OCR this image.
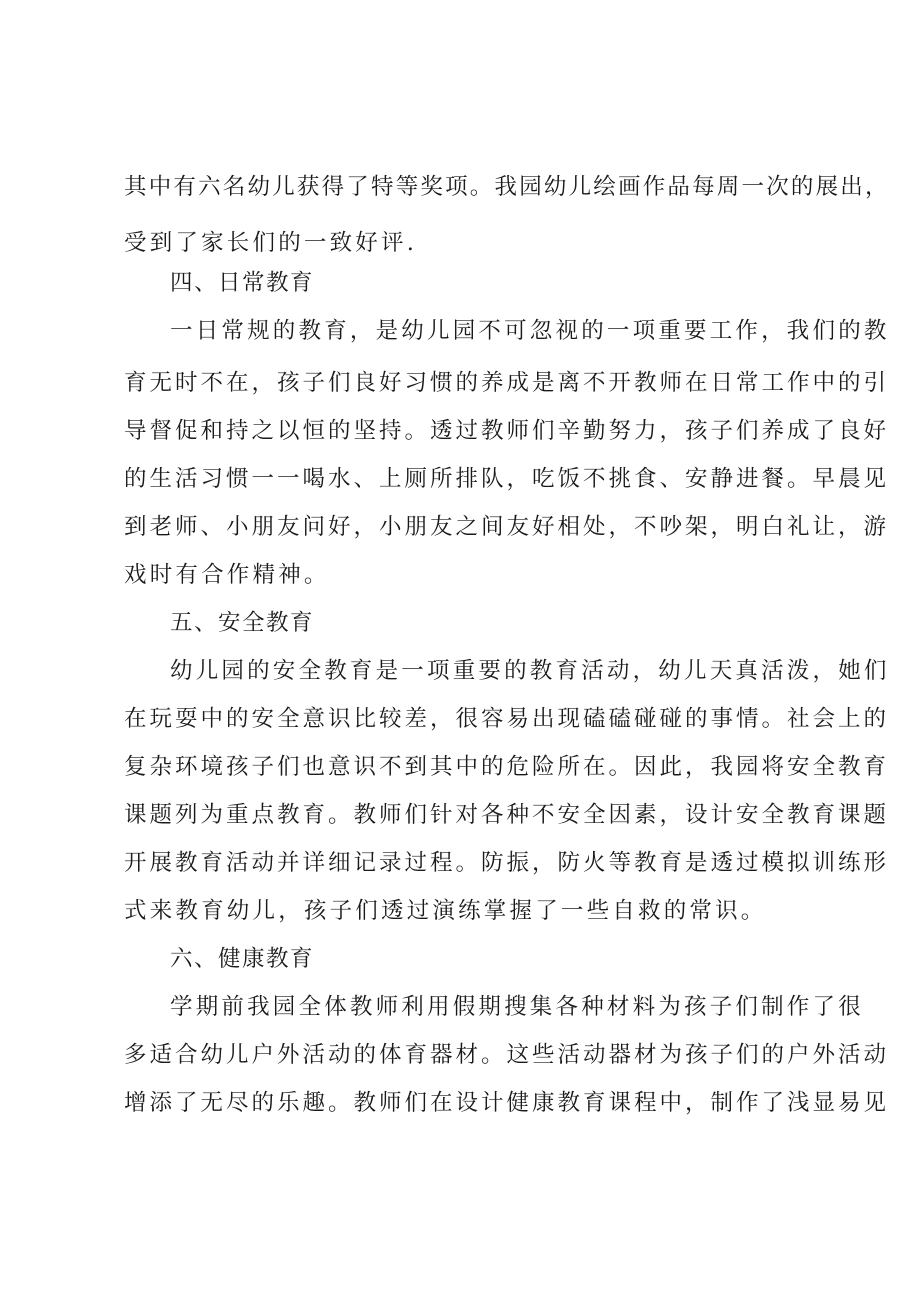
其中有六名幼儿获得了特等奖项。我园幼儿绘画作品每周一次的展出，
受到了家长们的一致好评.
四、日常教育
一日常规的教育，是幼儿园不可忽视的一项重要工作，我们的教
育无时不在，孩子们良好习惯的养成是离不开教师在日常工作中的引
导督促和持之以恒的坚持。透过教师们辛勤努力，孩子们养成了良好
的生活习惯一一喝水、上厕所排队，吃饭不挑食、安静进餐。早晨见
到老师、小朋友问好，小朋友之间友好相处，不吵架，明白礼让，游
戏时有合作精神。
五、安全教育
幼儿园的安全教育是一项重要的教育活动，幼儿天真活泼，她们
在玩耍中的安全意识比较差，很容易出现磕磕碰碰的事情。社会上的
复杂环境孩子们也意识不到其中的危险所在。因此，我园将安全教育
课题列为重点教育。教师们针对各种不安全因素，设计安全教育课题
开展教育活动并详细记录过程。防振，防火等教育是透过模拟训练形
式来教育幼儿，孩子们透过演练掌握了一些自救的常识。
六、健康教育
学期前我园全体教师利用假期搜集各种材料为孩子们制作了很
多适合幼儿户外活动的体育器材。这些活动器材为孩子们的户外活动
增添了无尽的乐趣。教师们在设计健康教育课程中，制作了浅显易见
